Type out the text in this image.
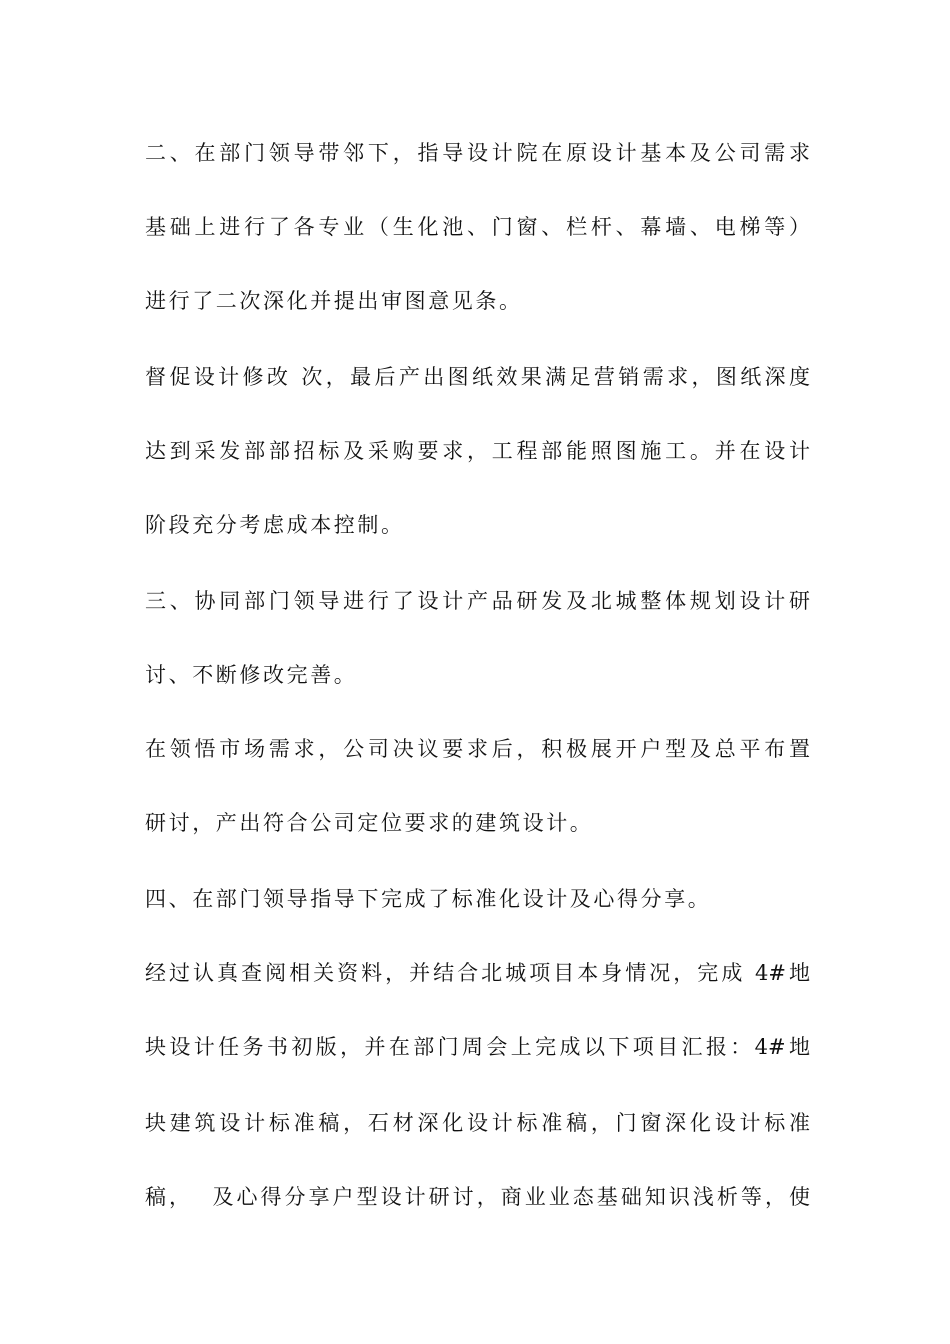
二、在部门领导带邻下，指导设计院在原设计基本及公司需求

基础上进行了各专业（生化池、门窗、栏杆、幕墙、电梯等）

进行了二次深化并提出审图意见条。

督促设计修改 次，最后产出图纸效果满足营销需求，图纸深度

达到采发部部招标及采购要求，工程部能照图施工。并在设计

阶段充分考虑成本控制。

三、协同部门领导进行了设计产品研发及北城整体规划设计研

讨、不断修改完善。

在领悟市场需求，公司决议要求后，积极展开户型及总平布置

研讨，产出符合公司定位要求的建筑设计。

四、在部门领导指导下完成了标准化设计及心得分享。

经过认真查阅相关资料，并结合北城项目本身情况，完成 4#地

块设计任务书初版，并在部门周会上完成以下项目汇报：4#地

块建筑设计标准稿，石材深化设计标准稿，门窗深化设计标准

稿，  及心得分享户型设计研讨，商业业态基础知识浅析等，使
